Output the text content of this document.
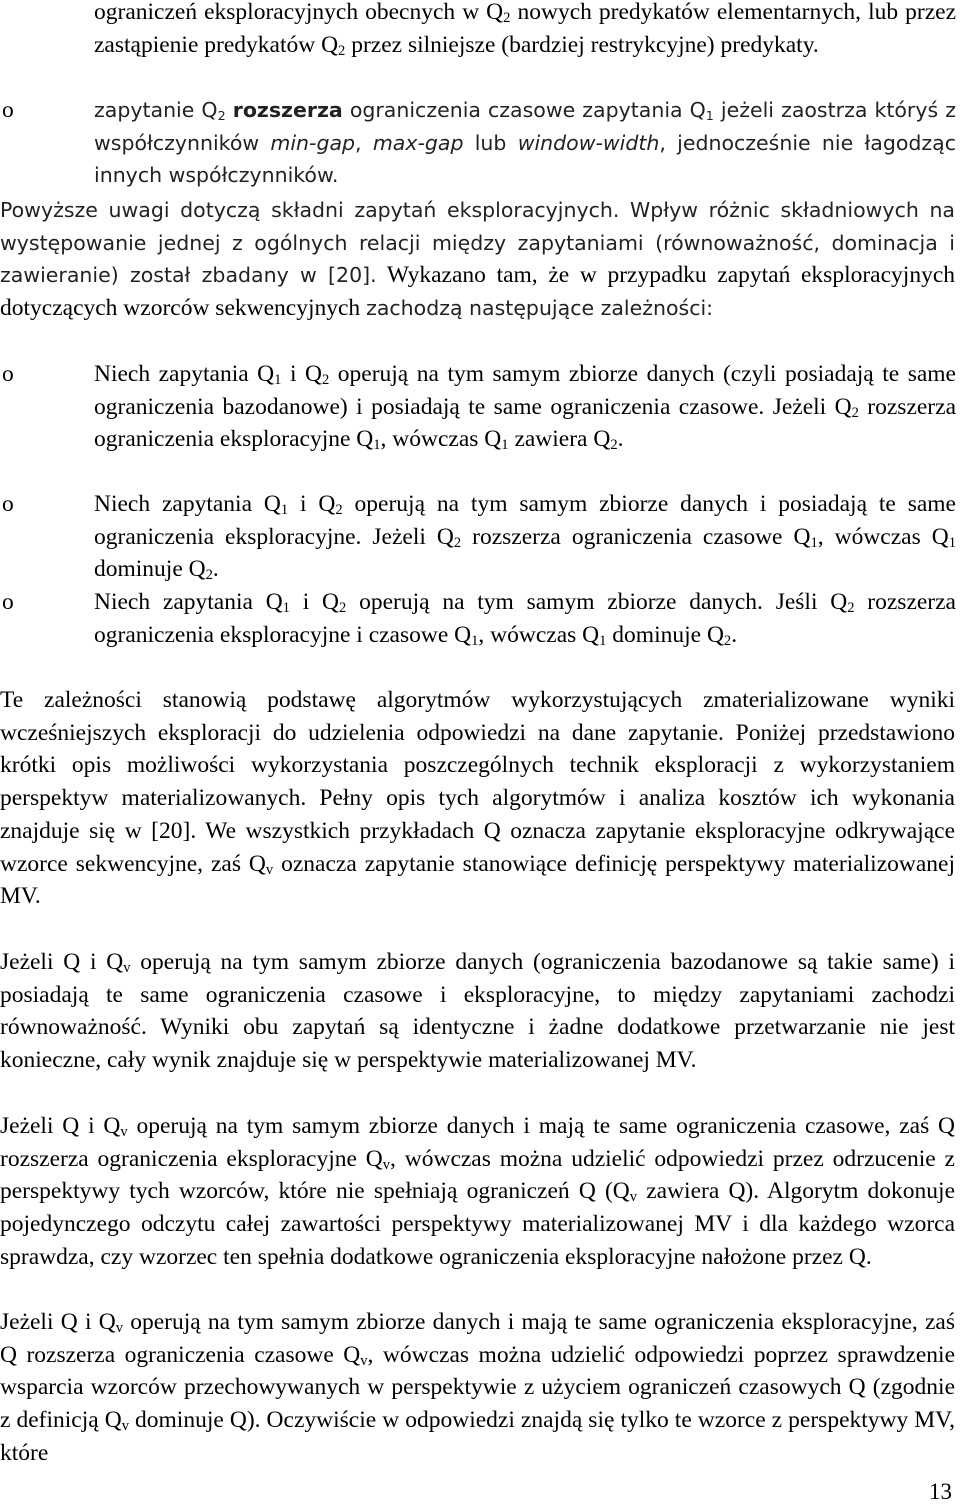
ograniczeń eksploracyjnych obecnych w $Q_2$ nowych predykatów elementarnych, lub przez zastąpienie predykatów $Q_2$ przez silniejsze (bardziej restrykcyjne) predykaty.

o	zapytanie $Q_2$ rozszerza ograniczenia czasowe zapytania $Q_1$ jeżeli zaostrza któryś z współczynników min-gap, max-gap lub window-width, jednocześnie nie łagodząc innych współczynników.

Powyższe uwagi dotyczą składni zapytań eksploracyjnych. Wpływ różnic składniowych na występowanie jednej z ogólnych relacji między zapytaniami (równoważność, dominacja i zawieranie) został zbadany w [20]. Wykazano tam, że w przypadku zapytań eksploracyjnych dotyczących wzorców sekwencyjnych zachodzą następujące zależności:

o	Niech zapytania $Q_1$ i $Q_2$ operują na tym samym zbiorze danych (czyli posiadają te same ograniczenia bazodanowe) i posiadają te same ograniczenia czasowe. Jeżeli $Q_2$ rozszerza ograniczenia eksploracyjne $Q_1$, wówczas $Q_1$ zawiera $Q_2$.

o	Niech zapytania $Q_1$ i $Q_2$ operują na tym samym zbiorze danych i posiadają te same ograniczenia eksploracyjne. Jeżeli $Q_2$ rozszerza ograniczenia czasowe $Q_1$, wówczas $Q_1$ dominuje $Q_2$.

o	Niech zapytania $Q_1$ i $Q_2$ operują na tym samym zbiorze danych. Jeśli $Q_2$ rozszerza ograniczenia eksploracyjne i czasowe $Q_1$, wówczas $Q_1$ dominuje $Q_2$.

Te zależności stanowią podstawę algorytmów wykorzystujących zmaterializowane wyniki wcześniejszych eksploracji do udzielenia odpowiedzi na dane zapytanie. Poniżej przedstawiono krótki opis możliwości wykorzystania poszczególnych technik eksploracji z wykorzystaniem perspektyw materializowanych. Pełny opis tych algorytmów i analiza kosztów ich wykonania znajduje się w [20]. We wszystkich przykładach Q oznacza zapytanie eksploracyjne odkrywające wzorce sekwencyjne, zaś $Q_v$ oznacza zapytanie stanowiące definicję perspektywy materializowanej MV.

Jeżeli Q i $Q_v$ operują na tym samym zbiorze danych (ograniczenia bazodanowe są takie same) i posiadają te same ograniczenia czasowe i eksploracyjne, to między zapytaniami zachodzi równoważność. Wyniki obu zapytań są identyczne i żadne dodatkowe przetwarzanie nie jest konieczne, cały wynik znajduje się w perspektywie materializowanej MV.

Jeżeli Q i $Q_v$ operują na tym samym zbiorze danych i mają te same ograniczenia czasowe, zaś Q rozszerza ograniczenia eksploracyjne $Q_v$, wówczas można udzielić odpowiedzi przez odrzucenie z perspektywy tych wzorców, które nie spełniają ograniczeń Q ($Q_v$ zawiera Q). Algorytm dokonuje pojedynczego odczytu całej zawartości perspektywy materializowanej MV i dla każdego wzorca sprawdza, czy wzorzec ten spełnia dodatkowe ograniczenia eksploracyjne nałożone przez Q.

Jeżeli Q i $Q_v$ operują na tym samym zbiorze danych i mają te same ograniczenia eksploracyjne, zaś Q rozszerza ograniczenia czasowe $Q_v$, wówczas można udzielić odpowiedzi poprzez sprawdzenie wsparcia wzorców przechowywanych w perspektywie z użyciem ograniczeń czasowych Q (zgodnie z definicją $Q_v$ dominuje Q). Oczywiście w odpowiedzi znajdą się tylko te wzorce z perspektywy MV, które

13
